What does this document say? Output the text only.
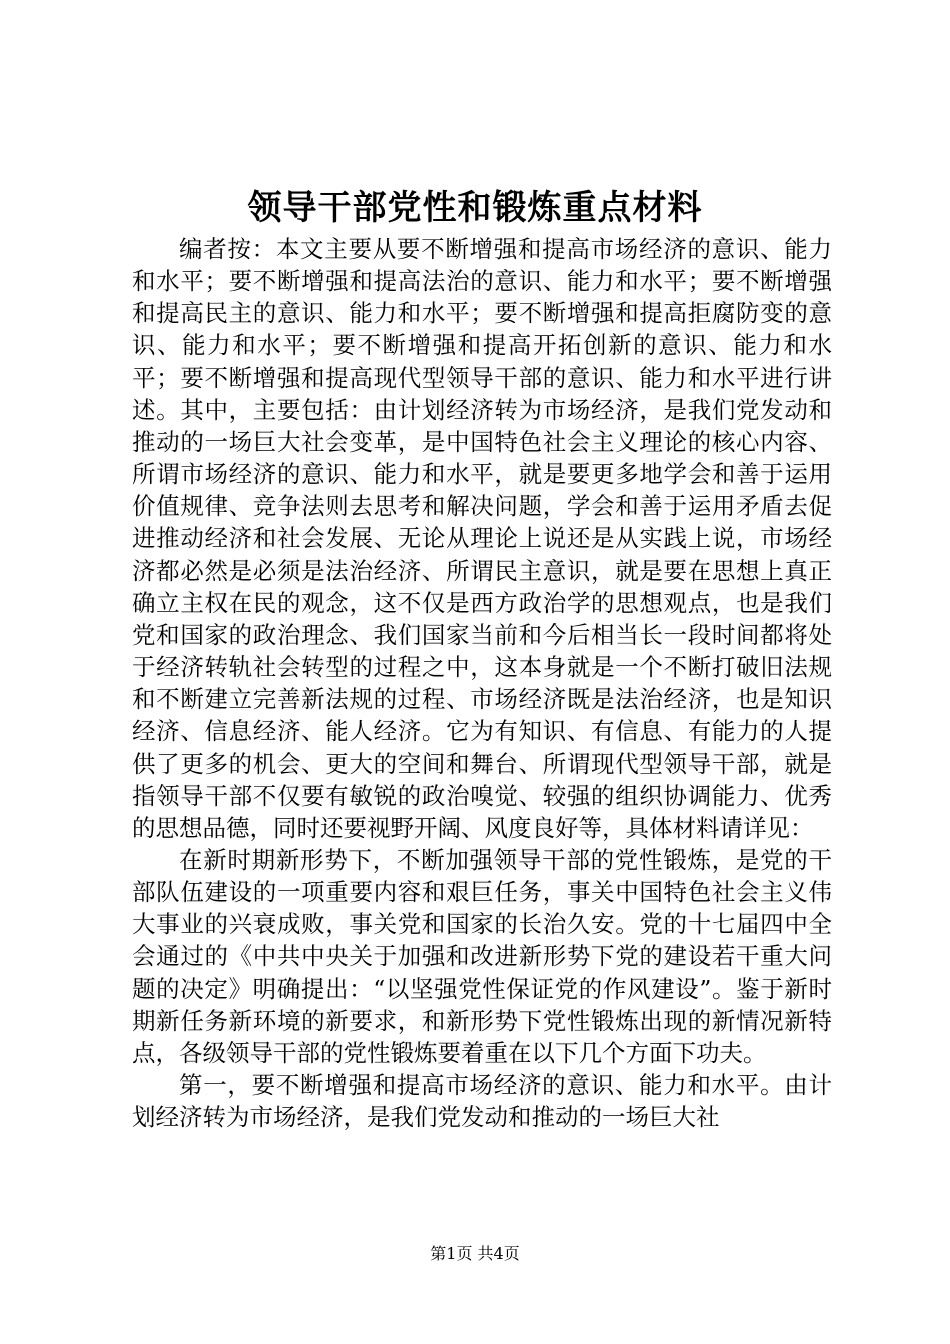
领导干部党性和锻炼重点材料

编者按：本文主要从要不断增强和提高市场经济的意识、能力和水平；要不断增强和提高法治的意识、能力和水平；要不断增强和提高民主的意识、能力和水平；要不断增强和提高拒腐防变的意识、能力和水平；要不断增强和提高开拓创新的意识、能力和水平；要不断增强和提高现代型领导干部的意识、能力和水平进行讲述。其中，主要包括：由计划经济转为市场经济，是我们党发动和推动的一场巨大社会变革，是中国特色社会主义理论的核心内容、所谓市场经济的意识、能力和水平，就是要更多地学会和善于运用价值规律、竞争法则去思考和解决问题，学会和善于运用矛盾去促进推动经济和社会发展、无论从理论上说还是从实践上说，市场经济都必然是必须是法治经济、所谓民主意识，就是要在思想上真正确立主权在民的观念，这不仅是西方政治学的思想观点，也是我们党和国家的政治理念、我们国家当前和今后相当长一段时间都将处于经济转轨社会转型的过程之中，这本身就是一个不断打破旧法规和不断建立完善新法规的过程、市场经济既是法治经济，也是知识经济、信息经济、能人经济。它为有知识、有信息、有能力的人提供了更多的机会、更大的空间和舞台、所谓现代型领导干部，就是指领导干部不仅要有敏锐的政治嗅觉、较强的组织协调能力、优秀的思想品德，同时还要视野开阔、风度良好等，具体材料请详见：

在新时期新形势下，不断加强领导干部的党性锻炼，是党的干部队伍建设的一项重要内容和艰巨任务，事关中国特色社会主义伟大事业的兴衰成败，事关党和国家的长治久安。党的十七届四中全会通过的《中共中央关于加强和改进新形势下党的建设若干重大问题的决定》明确提出：“以坚强党性保证党的作风建设”。鉴于新时期新任务新环境的新要求，和新形势下党性锻炼出现的新情况新特点，各级领导干部的党性锻炼要着重在以下几个方面下功夫。

第一，要不断增强和提高市场经济的意识、能力和水平。由计划经济转为市场经济，是我们党发动和推动的一场巨大社

第1页 共4页
